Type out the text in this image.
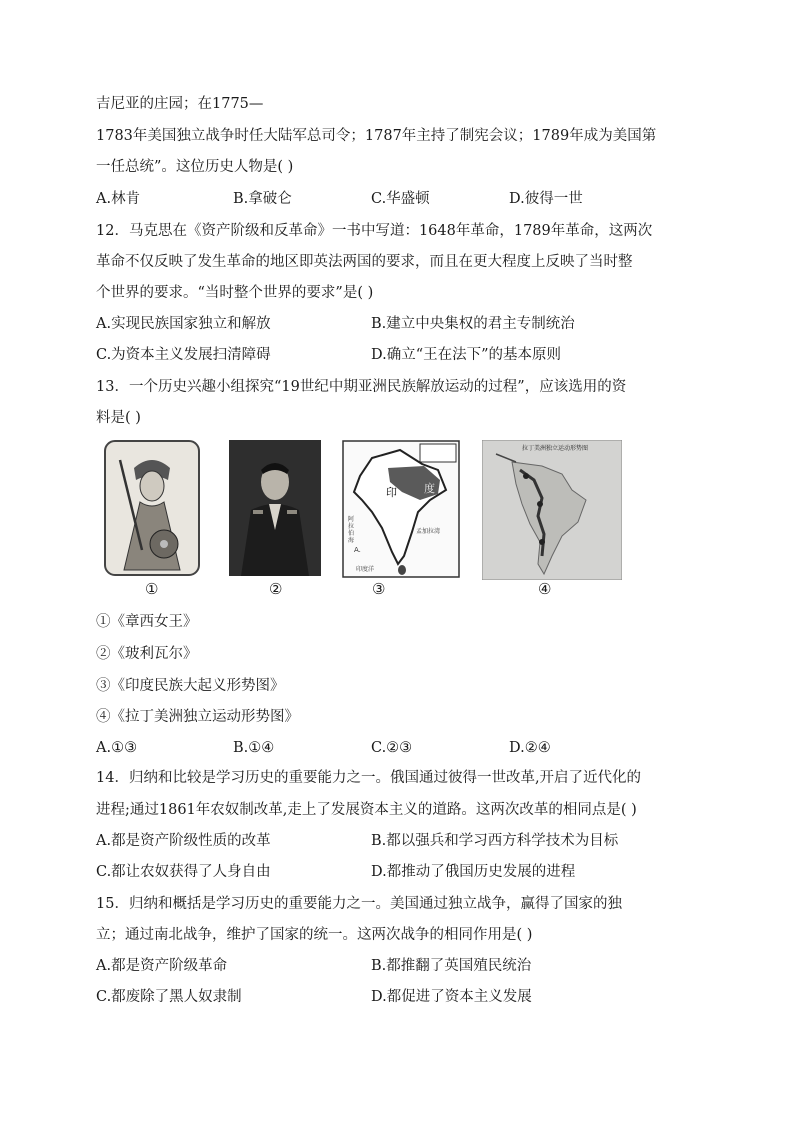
吉尼亚的庄园；在1775—
1783年美国独立战争时任大陆军总司令；1787年主持了制宪会议；1789年成为美国第
一任总统”。这位历史人物是( )
A.林肯	B.拿破仑	C.华盛顿	D.彼得一世
12．马克思在《资产阶级和反革命》一书中写道：1648年革命，1789年革命，这两次
革命不仅反映了发生革命的地区即英法两国的要求，而且在更大程度上反映了当时整
个世界的要求。“当时整个世界的要求”是( )
A.实现民族国家独立和解放	B.建立中央集权的君主专制统治
C.为资本主义发展扫清障碍	D.确立“王在法下”的基本原则
13．一个历史兴趣小组探究“19世纪中期亚洲民族解放运动的过程”，应该选用的资
料是( )
①	②
A.
印 度
阿拉伯海
孟加拉湾
印度洋
③
拉丁美洲独立运动形势图
④
①《章西女王》
②《玻利瓦尔》
③《印度民族大起义形势图》
④《拉丁美洲独立运动形势图》
A.①③	B.①④	C.②③	D.②④
14．归纳和比较是学习历史的重要能力之一。俄国通过彼得一世改革,开启了近代化的
进程;通过1861年农奴制改革,走上了发展资本主义的道路。这两次改革的相同点是( )
A.都是资产阶级性质的改革	B.都以强兵和学习西方科学技术为目标
C.都让农奴获得了人身自由	D.都推动了俄国历史发展的进程
15．归纳和概括是学习历史的重要能力之一。美国通过独立战争，赢得了国家的独
立；通过南北战争，维护了国家的统一。这两次战争的相同作用是( )
A.都是资产阶级革命	B.都推翻了英国殖民统治
C.都废除了黑人奴隶制	D.都促进了资本主义发展
